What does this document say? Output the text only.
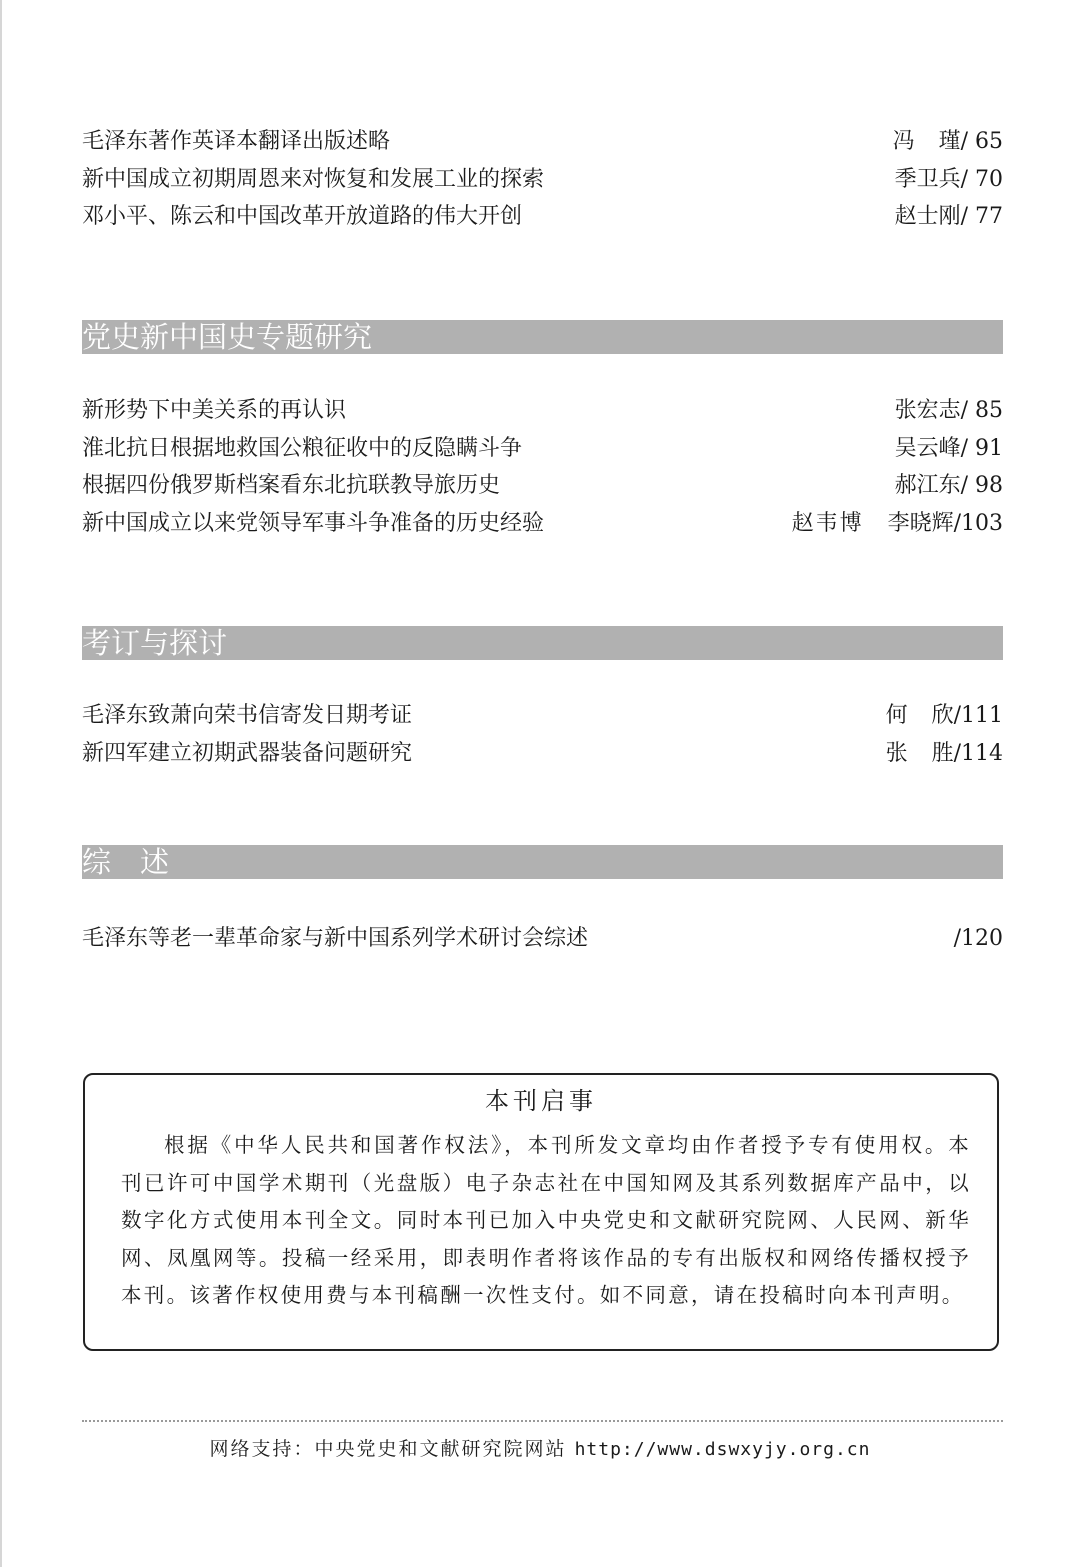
毛泽东著作英译本翻译出版述略	冯 瑾/ 65
新中国成立初期周恩来对恢复和发展工业的探索	季卫兵/ 70
邓小平、陈云和中国改革开放道路的伟大开创	赵士刚/ 77
党史新中国史专题研究
新形势下中美关系的再认识	张宏志/ 85
淮北抗日根据地救国公粮征收中的反隐瞒斗争	吴云峰/ 91
根据四份俄罗斯档案看东北抗联教导旅历史	郝江东/ 98
新中国成立以来党领导军事斗争准备的历史经验	赵韦博 李晓辉/103
考订与探讨
毛泽东致萧向荣书信寄发日期考证	何 欣/111
新四军建立初期武器装备问题研究	张 胜/114
综　述
毛泽东等老一辈革命家与新中国系列学术研讨会综述	/120
本刊启事
根据《中华人民共和国著作权法》，本刊所发文章均由作者授予专有使用权。本刊已许可中国学术期刊（光盘版）电子杂志社在中国知网及其系列数据库产品中，以数字化方式使用本刊全文。同时本刊已加入中央党史和文献研究院网、人民网、新华网、凤凰网等。投稿一经采用，即表明作者将该作品的专有出版权和网络传播权授予本刊。该著作权使用费与本刊稿酬一次性支付。如不同意，请在投稿时向本刊声明。
网络支持：中央党史和文献研究院网站 http://www.dswxyjy.org.cn
